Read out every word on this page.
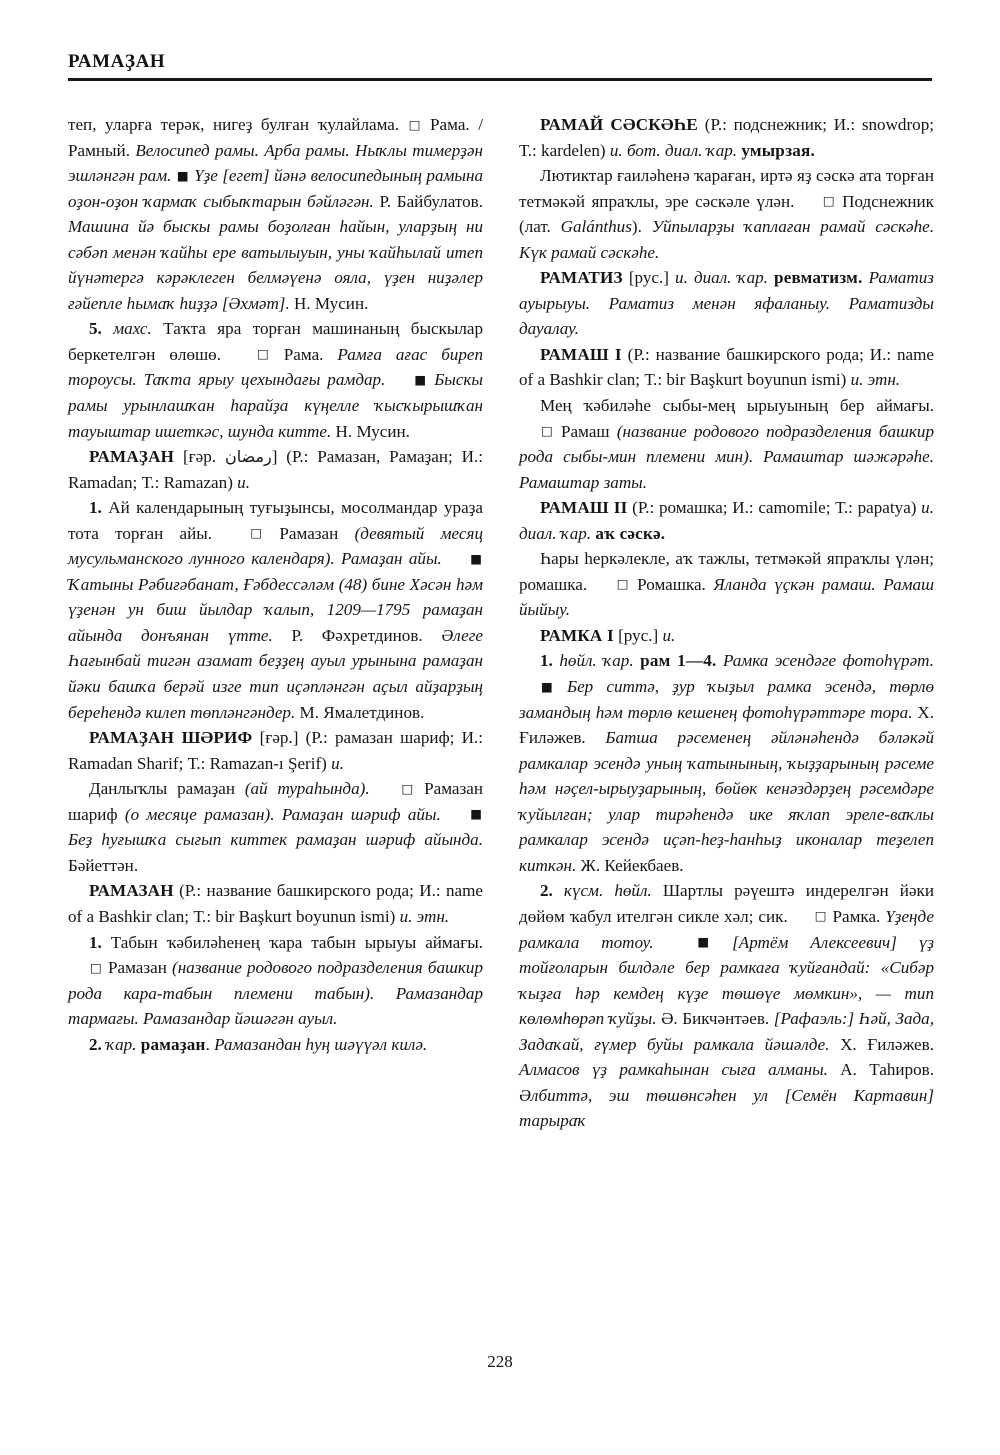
РАМАҘАН

теп, уларға терәк, нигеҙ булған ҡулайлама. □ Рама. / Рамный. Велосипед рамы. Арба рамы. Ныҡлы тимерҙән эшләнгән рам. ■ Үҙе [егет] йәнә велосипедының рамына оҙон-оҙон ҡармаҡ сыбыҡтарын бәйләгән. Р. Байбулатов. Машина йә быскы рамы боҙолған һайын, уларҙың ни сәбәп менән ҡайһы ере ватылыуын, уны ҡайһылай итеп йүнәтергә кәрәклеген белмәүенә ояла, үҙен ниҙәлер ғәйепле һымаҡ һиҙҙә [Әхмәт]. Н. Мусин.

5. махс. Таҡта яра торған машинаның быскылар беркетелгән өлөшө. □ Рама. Рамға ағас биреп тороусы. Таҡта ярыу цехындағы рамдар. ■ Быскы рамы урынлашҡан һарайҙа күңелле ҡысҡырышҡан тауыштар ишеткәс, шунда китте. Н. Мусин.

РАМАҘАН [ғәр. رمضان] (Р.: Рамазан, Рамаҙан; И.: Ramadan; Т.: Ramazan) и.

1. Ай календарының туғыҙынсы, мосолмандар ураҙа тота торған айы. □ Рамазан (девятый месяц мусульманского лунного календаря). Рамаҙан айы. ■ Ҡатыны Рәбиғәбанат, Ғәбдессәләм (48) бине Хәсән һәм үҙенән ун биш йылдар ҡалып, 1209—1795 рамаҙан айында донъянан үтте. Р. Фәхретдинов. Әлеге Һағынбай тигән азамат беҙҙең ауыл урынына рамаҙан йәки башҡа берәй изге тип иҫәпләнгән аҫыл айҙарҙың береһендә килеп төпләнгәндер. М. Ямалетдинов.

РАМАҘАН ШӘРИФ [ғәр.] (Р.: рамазан шариф; И.: Ramadan Sharif; Т.: Ramazan-ı Şerif) и.

Данлыҡлы рамаҙан (ай тураһында).	□ Рамазан шариф (о месяце рамазан). Рамаҙан шәриф айы. ■ Беҙ һуғышҡа сығып киттек рамаҙан шәриф айында. Бәйеттән.

РАМАЗАН (Р.: название башкирского рода; И.: name of a Bashkir clan; Т.: bir Başkurt boyunun ismi) и. этн.

1. Табын ҡәбиләһенең ҡара табын ырыуы аймағы. □ Рамазан (название родового подразделения башкир рода кара-табын племени табын). Рамазандар тармағы. Рамазандар йәшәгән ауыл.

2. ҡар. рамаҙан. Рамазандан һуң шәүүәл килә.

РАМАЙ СӘСКӘҺЕ (Р.: подснежник; И.: snowdrop; Т.: kardelen) и. бот. диал. ҡар. умырзая.

Лютиктар ғаиләһенә ҡараған, иртә яҙ сәскә ата торған тетмәкәй япраҡлы, эре сәскәле үлән. □ Подснежник (лат. Galánthus). Уйпыларҙы ҡаплаған рамай сәскәһе. Күк рамай сәскәһе.

РАМАТИЗ [рус.] и. диал. ҡар. ревматизм. Раматиз ауырыуы. Раматиз менән яфаланыу. Раматизды дауалау.

РАМАШ I (Р.: название башкирского рода; И.: name of a Bashkir clan; Т.: bir Başkurt boyunun ismi) и. этн.

Мең ҡәбиләһе сыбы-мең ырыуының бер аймағы. □ Рамаш (название родового подразделения башкир рода сыбы-мин племени мин). Рамаштар шәжәрәһе. Рамаштар заты.

РАМАШ II (Р.: ромашка; И.: camomile; Т.: papatya) и. диал. ҡар. аҡ сәскә.

Һары һеркәлекле, аҡ тажлы, тетмәкәй япраҡлы үлән; ромашка. □ Ромашка. Яланда үҫкән рамаш. Рамаш йыйыу.

РАМКА I [рус.] и.

1. һөйл. ҡар. рам 1—4. Рамка эсендәге фотоһүрәт. ■ Бер ситтә, ҙур ҡыҙыл рамка эсендә, төрлө замандың һәм төрлө кешенең фотоһүрәттәре тора. Х. Ғиләжев. Батша рәсеменең әйләнәһендә бәләкәй рамкалар эсендә уның ҡатынының, ҡыҙҙарының рәсеме һәм нәҫел-ырыуҙарының, бөйөк кенәздәрҙең рәсемдәре ҡуйылған; улар тирәһендә ике яҡлап эреле-ваҡлы рамкалар эсендә иҫәп-һеҙ-һанһыҙ иконалар теҙелеп киткән. Ж. Кейекбаев.

2. күсм. һөйл. Шартлы рәүештә индерелгән йәки дөйөм ҡабул ителгән сикле хәл; сик. □ Рамка. Үҙеңде рамкала тотоу.	■ [Артём Алексеевич] үҙ тойғоларын билдәле бер рамкаға ҡуйғандай: «Сибәр ҡыҙға һәр кемдең күҙе төшөүе мөмкин», — тип көлөмһөрәп ҡуйҙы. Ә. Бикчәнтәев. [Рафаэль:] Һәй, Зада, Задаҡай, ғүмер буйы рамкала йәшәлде. Х. Ғиләжев. Алмасов үҙ рамкаһынан сыға алманы. А. Таһиров. Әлбиттә, эш төшөнсәһен ул [Семён Картавин] тарыраҡ

228
